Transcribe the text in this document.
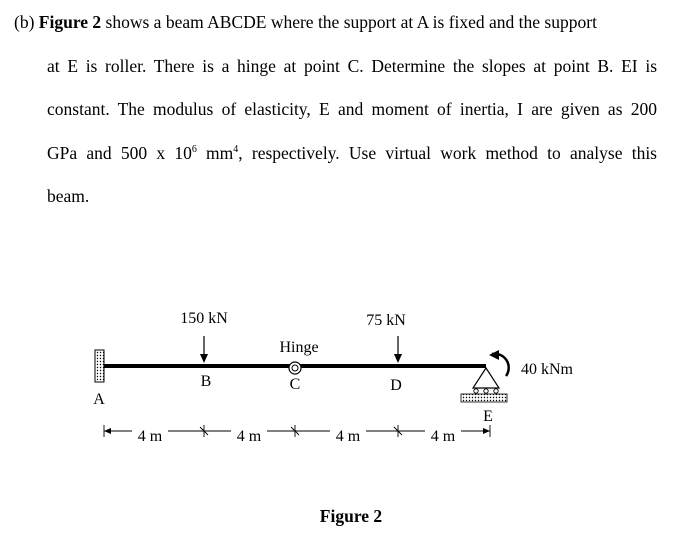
(b) Figure 2 shows a beam ABCDE where the support at A is fixed and the support
at E is roller. There is a hinge at point C. Determine the slopes at point B. EI is
constant. The modulus of elasticity, E and moment of inertia, I are given as 200
GPa and 500 x $10^6$ $mm^4$, respectively. Use virtual work method to analyse this
beam.
150 kN	75 kN
Hinge
A
B	C	D
E
40 kNm
4 m	4 m	4 m	4 m
Figure 2
